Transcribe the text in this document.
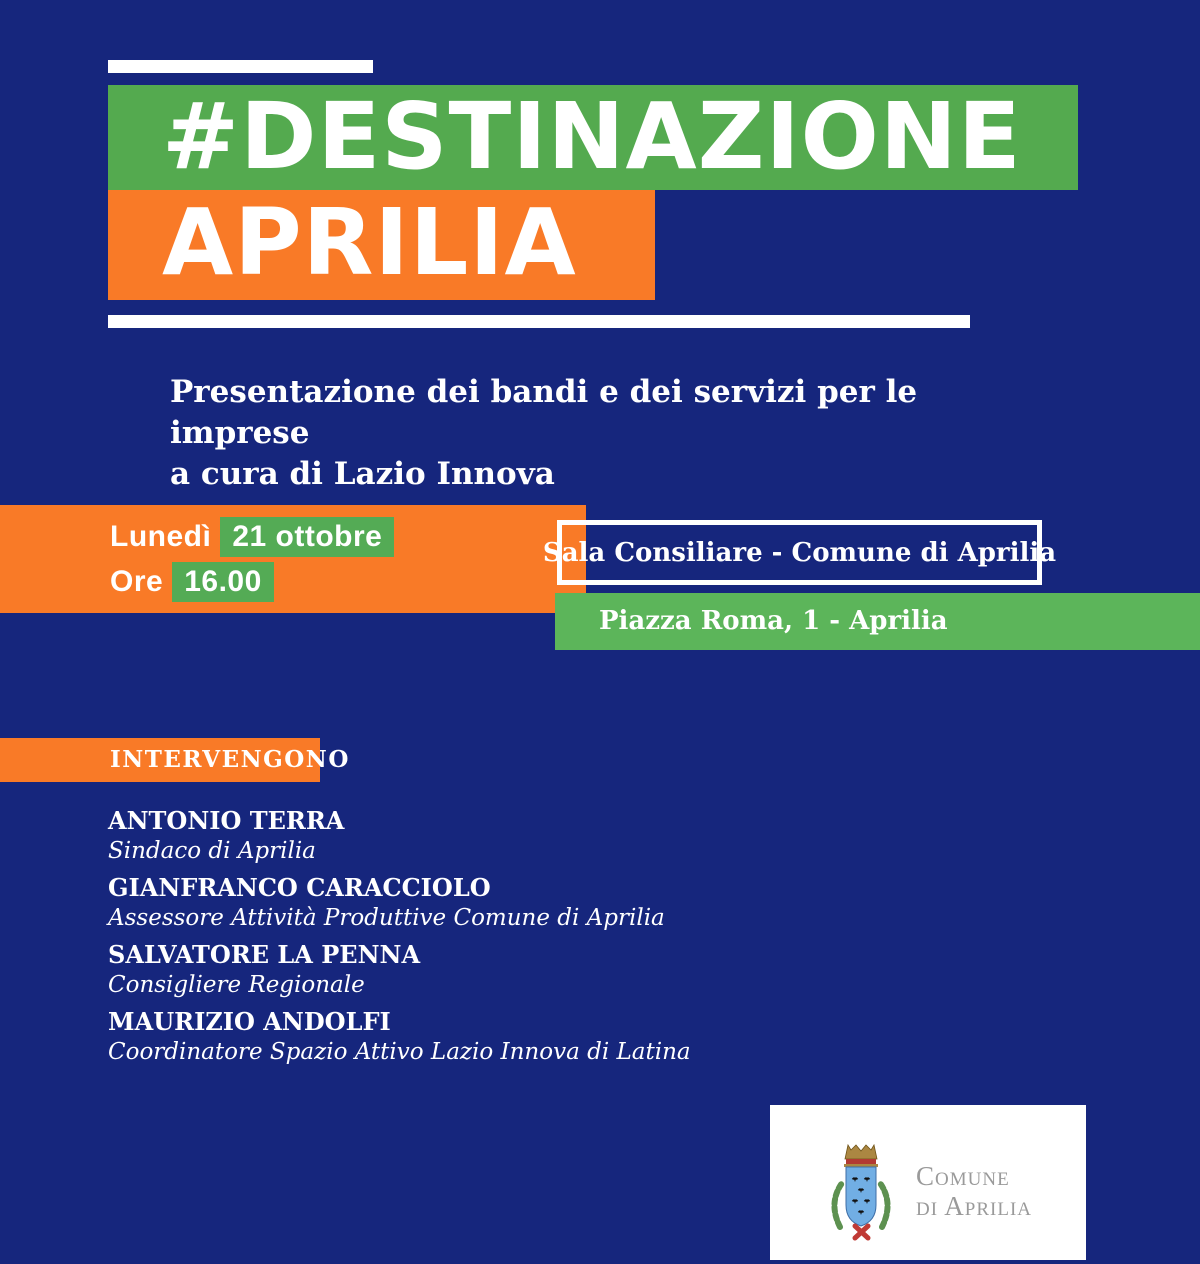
#DESTINAZIONE
APRILIA
Presentazione dei bandi e dei servizi per le imprese
a cura di Lazio Innova
Lunedì 21 ottobre
Ore 16.00
Sala Consiliare - Comune di Aprilia
Piazza Roma, 1 - Aprilia
INTERVENGONO
ANTONIO TERRA
Sindaco di Aprilia
GIANFRANCO CARACCIOLO
Assessore Attività Produttive Comune di Aprilia
SALVATORE LA PENNA
Consigliere Regionale
MAURIZIO ANDOLFI
Coordinatore Spazio Attivo Lazio Innova di Latina
Comune
di Aprilia
